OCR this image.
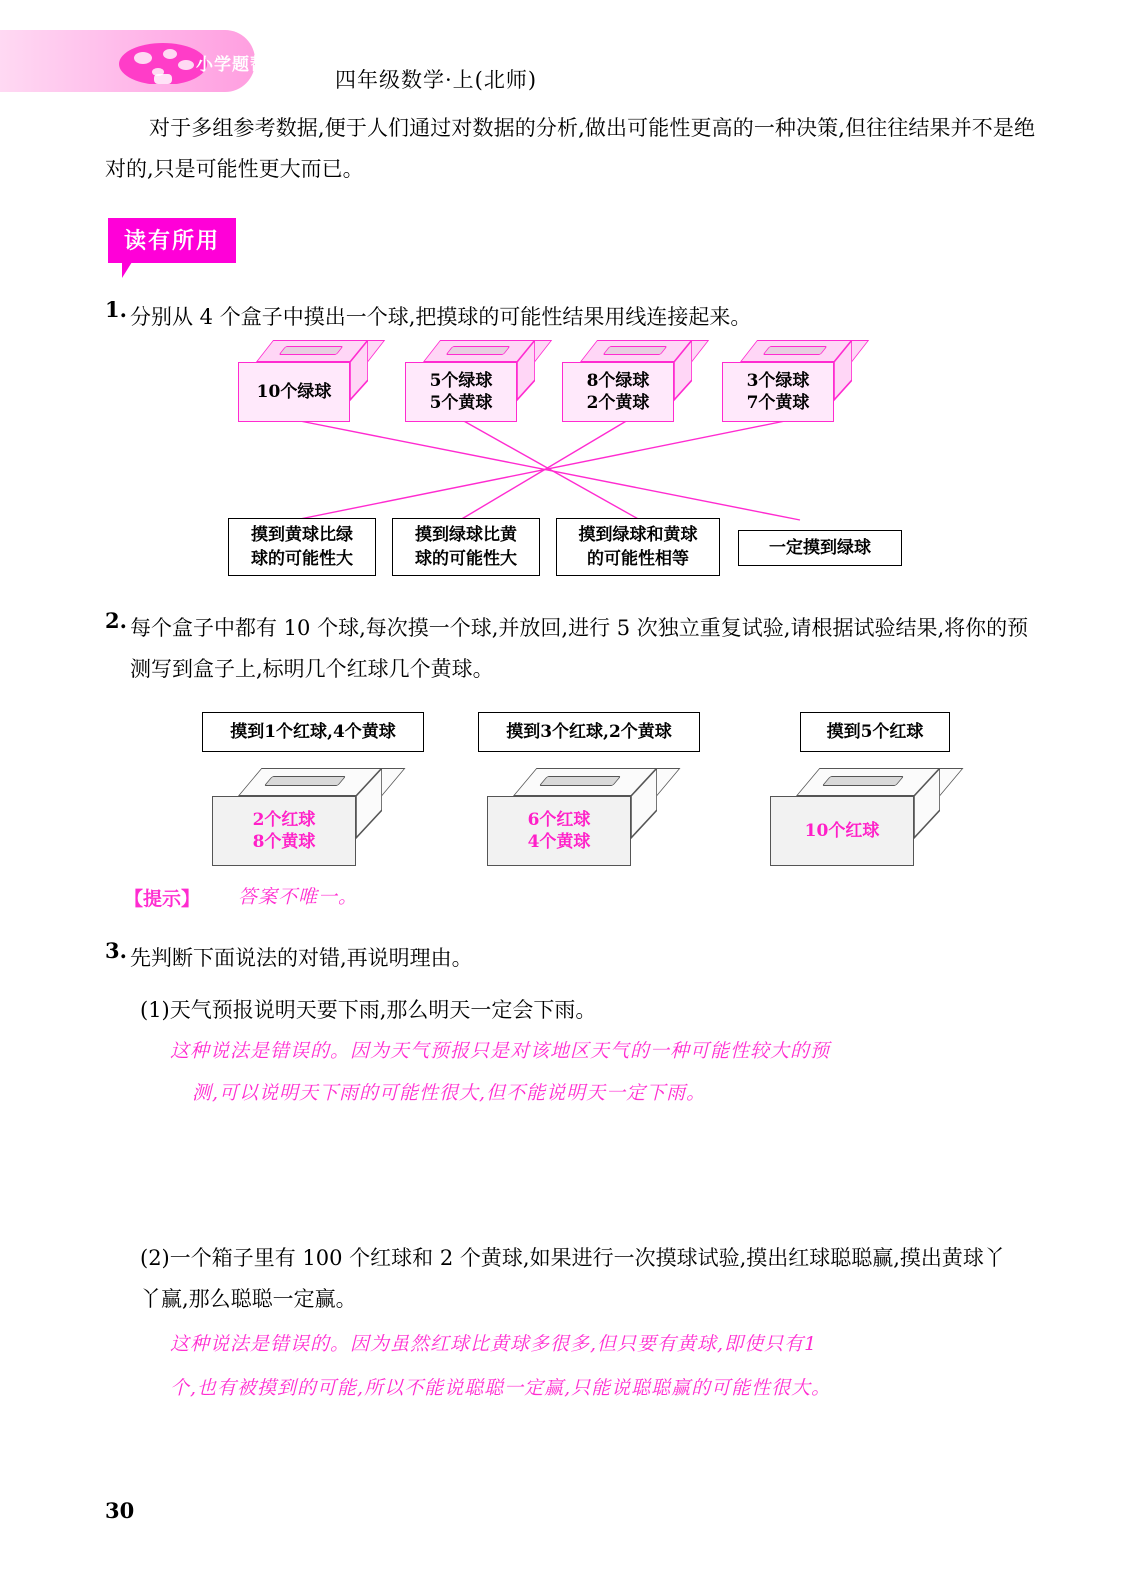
小学题帮
四年级数学·上(北师)
对于多组参考数据,便于人们通过对数据的分析,做出可能性更高的一种决策,但往往结果并不是绝对的,只是可能性更大而已。
读有所用
1. 分别从 4 个盒子中摸出一个球,把摸球的可能性结果用线连接起来。
10个绿球
5个绿球
5个黄球
8个绿球
2个黄球
3个绿球
7个黄球
摸到黄球比绿
球的可能性大
摸到绿球比黄
球的可能性大
摸到绿球和黄球
的可能性相等
一定摸到绿球
2. 每个盒子中都有 10 个球,每次摸一个球,并放回,进行 5 次独立重复试验,请根据试验结果,将你的预测写到盒子上,标明几个红球几个黄球。
摸到1个红球,4个黄球	摸到3个红球,2个黄球	摸到5个红球
2个红球
8个黄球
6个红球
4个黄球
10个红球
【提示】 答案不唯一。
3. 先判断下面说法的对错,再说明理由。
(1)天气预报说明天要下雨,那么明天一定会下雨。
这种说法是错误的。因为天气预报只是对该地区天气的一种可能性较大的预
测,可以说明天下雨的可能性很大,但不能说明天一定下雨。
(2)一个箱子里有 100 个红球和 2 个黄球,如果进行一次摸球试验,摸出红球聪聪赢,摸出黄球丫丫赢,那么聪聪一定赢。
这种说法是错误的。因为虽然红球比黄球多很多,但只要有黄球,即使只有1
个,也有被摸到的可能,所以不能说聪聪一定赢,只能说聪聪赢的可能性很大。
30
